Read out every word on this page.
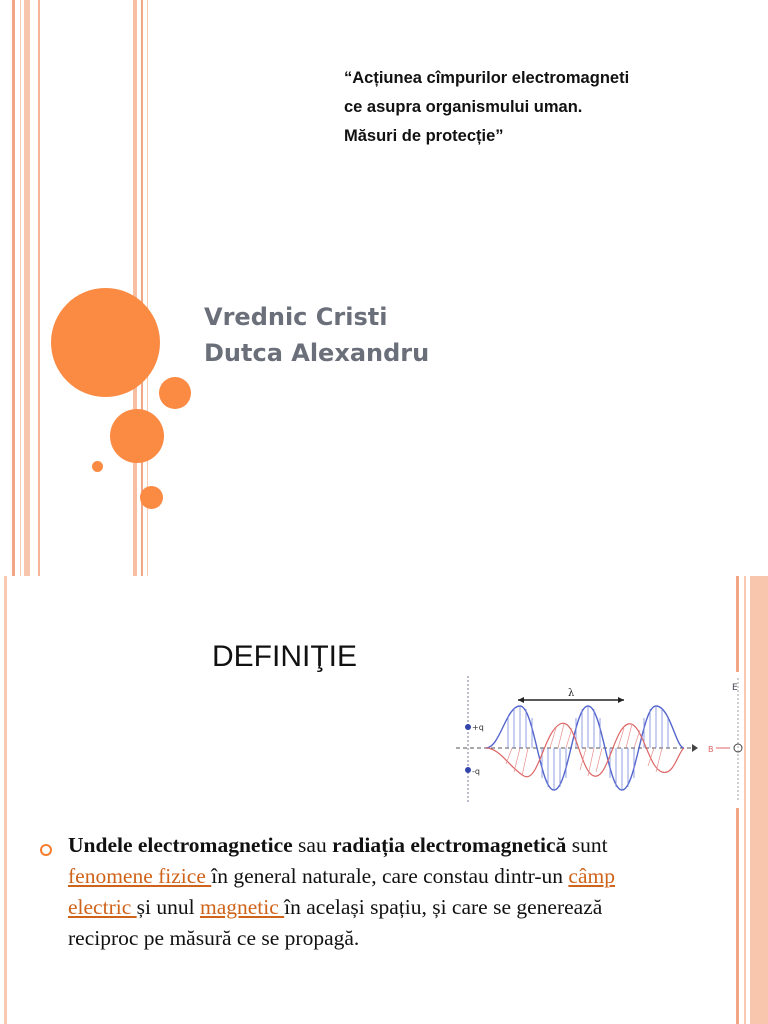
“Acțiunea cîmpurilor electromagneti
ce asupra organismului uman.
Măsuri de protecție”
Vrednic Cristi
Dutca Alexandru
DEFINIŢIE
+q
-q
λ	E
B
Undele electromagnetice sau radiația electromagnetică sunt fenomene fizice în general naturale, care constau dintr-un câmp electric și unul magnetic în același spațiu, și care se generează reciproc pe măsură ce se propagă.
